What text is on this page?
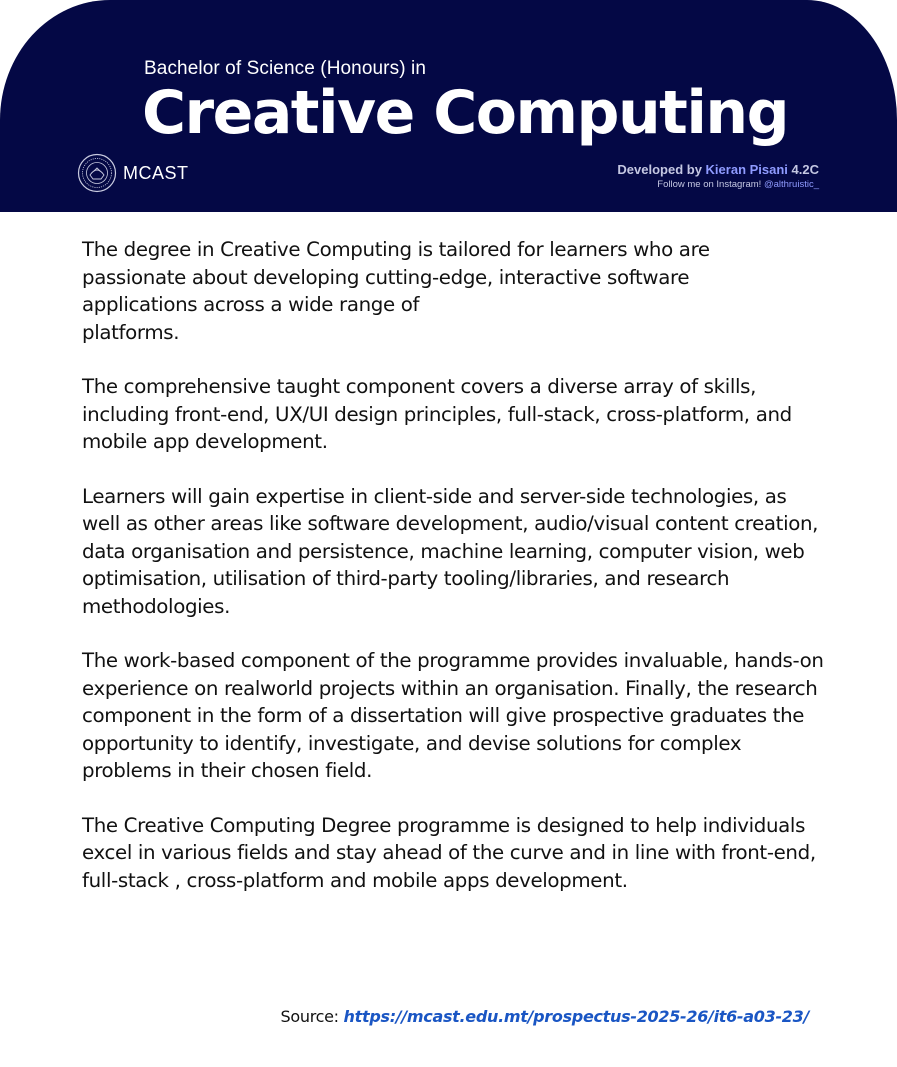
Bachelor of Science (Honours) in
Creative Computing
MCAST	Developed by Kieran Pisani 4.2C
Follow me on Instagram! @althruistic_

The degree in Creative Computing is tailored for learners who are passionate about developing cutting-edge, interactive software applications across a wide range of
platforms.

The comprehensive taught component covers a diverse array of skills, including front-end, UX/UI design principles, full-stack, cross-platform, and mobile app development.

Learners will gain expertise in client-side and server-side technologies, as well as other areas like software development, audio/visual content creation, data organisation and persistence, machine learning, computer vision, web optimisation, utilisation of third-party tooling/libraries, and research methodologies.

The work-based component of the programme provides invaluable, hands-on experience on realworld projects within an organisation. Finally, the research component in the form of a dissertation will give prospective graduates the opportunity to identify, investigate, and devise solutions for complex problems in their chosen field.

The Creative Computing Degree programme is designed to help individuals excel in various fields and stay ahead of the curve and in line with front-end, full-stack , cross-platform and mobile apps development.

Source: https://mcast.edu.mt/prospectus-2025-26/it6-a03-23/
